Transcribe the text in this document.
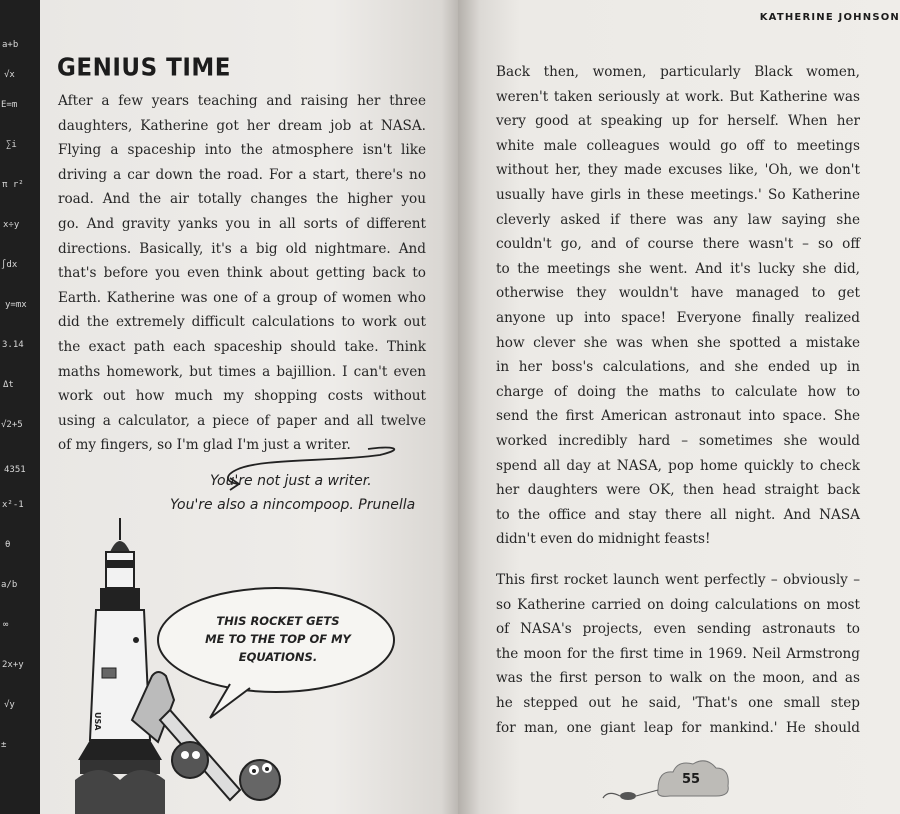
a+b
√x
E=m
∑i
π r²
x÷y
∫dx
y=mx
3.14
Δt
√2+5
4351
x²-1
θ
a/b
∞
2x+y
√y
±
GENIUS TIME
After a few years teaching and raising her three
daughters, Katherine got her dream job at NASA.
Flying a spaceship into the atmosphere isn't like
driving a car down the road. For a start, there's no
road. And the air totally changes the higher you
go. And gravity yanks you in all sorts of different
directions. Basically, it's a big old nightmare. And
that's before you even think about getting back to
Earth. Katherine was one of a group of women who
did the extremely difficult calculations to work out
the exact path each spaceship should take. Think
maths homework, but times a bajillion. I can't even
work out how much my shopping costs without
using a calculator, a piece of paper and all twelve
of my fingers, so I'm glad I'm just a writer.
You're not just a writer.
You're also a nincompoop. Prunella
USA
THIS ROCKET GETS
ME TO THE TOP OF MY
EQUATIONS.
KATHERINE JOHNSON
Back then, women, particularly Black women,
weren't taken seriously at work. But Katherine was
very good at speaking up for herself. When her
white male colleagues would go off to meetings
without her, they made excuses like, 'Oh, we don't
usually have girls in these meetings.' So Katherine
cleverly asked if there was any law saying she
couldn't go, and of course there wasn't – so off
to the meetings she went. And it's lucky she did,
otherwise they wouldn't have managed to get
anyone up into space! Everyone finally realized
how clever she was when she spotted a mistake
in her boss's calculations, and she ended up in
charge of doing the maths to calculate how to
send the first American astronaut into space. She
worked incredibly hard – sometimes she would
spend all day at NASA, pop home quickly to check
her daughters were OK, then head straight back
to the office and stay there all night. And NASA
didn't even do midnight feasts!
This first rocket launch went perfectly – obviously –
so Katherine carried on doing calculations on most
of NASA's projects, even sending astronauts to
the moon for the first time in 1969. Neil Armstrong
was the first person to walk on the moon, and as
he stepped out he said, 'That's one small step
for man, one giant leap for mankind.' He should
55
